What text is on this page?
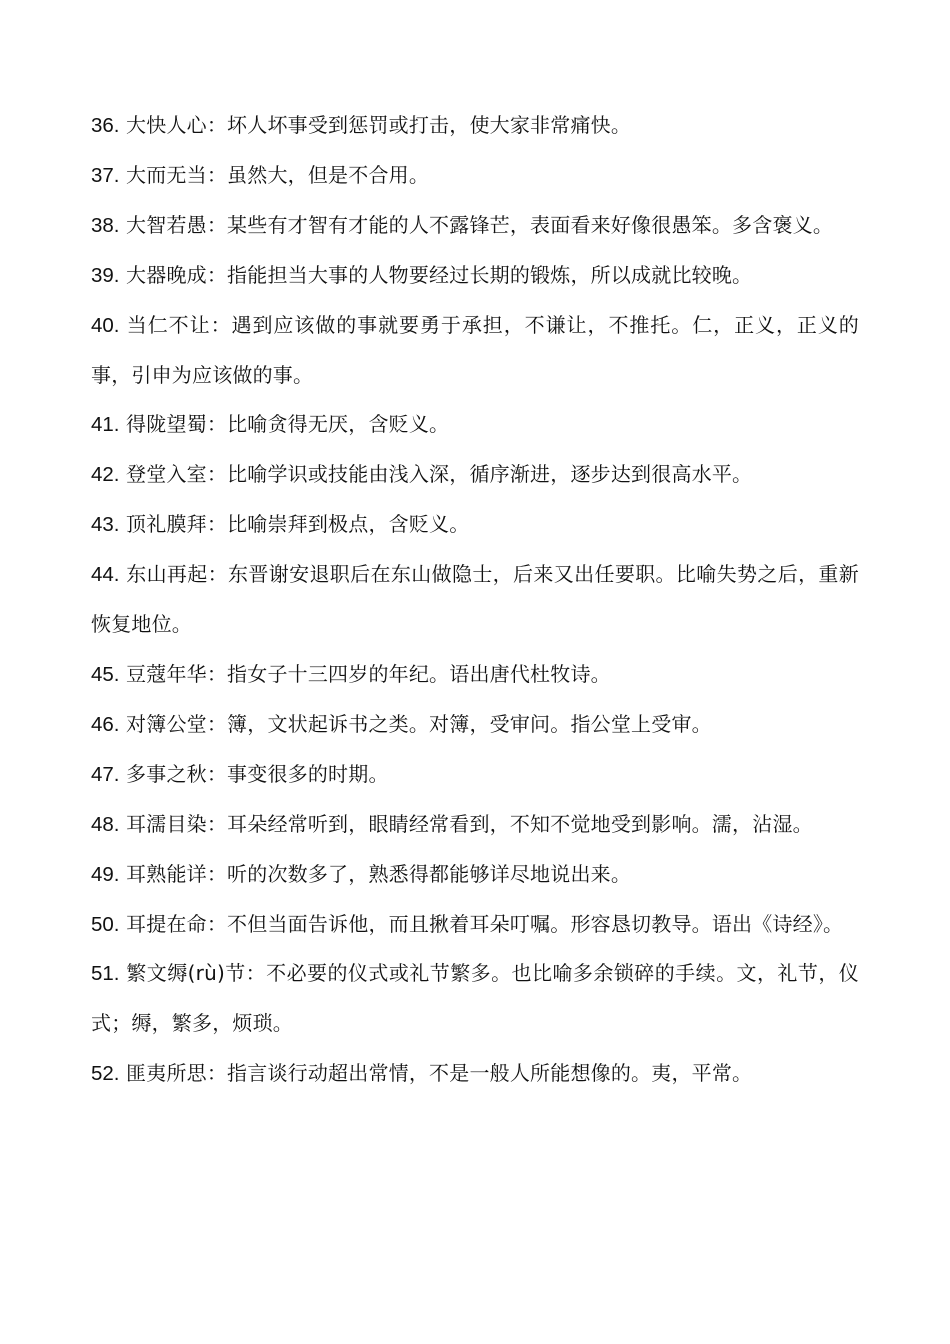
36. 大快人心：坏人坏事受到惩罚或打击，使大家非常痛快。

37. 大而无当：虽然大，但是不合用。

38. 大智若愚：某些有才智有才能的人不露锋芒，表面看来好像很愚笨。多含褒义。

39. 大器晚成：指能担当大事的人物要经过长期的锻炼，所以成就比较晚。

40. 当仁不让：遇到应该做的事就要勇于承担，不谦让，不推托。仁，正义，正义的事，引申为应该做的事。

41. 得陇望蜀：比喻贪得无厌，含贬义。

42. 登堂入室：比喻学识或技能由浅入深，循序渐进，逐步达到很高水平。

43. 顶礼膜拜：比喻崇拜到极点，含贬义。

44. 东山再起：东晋谢安退职后在东山做隐士，后来又出任要职。比喻失势之后，重新恢复地位。

45. 豆蔻年华：指女子十三四岁的年纪。语出唐代杜牧诗。

46. 对簿公堂：簿，文状起诉书之类。对簿，受审问。指公堂上受审。

47. 多事之秋：事变很多的时期。

48. 耳濡目染：耳朵经常听到，眼睛经常看到，不知不觉地受到影响。濡，沾湿。

49. 耳熟能详：听的次数多了，熟悉得都能够详尽地说出来。

50. 耳提在命：不但当面告诉他，而且揪着耳朵叮嘱。形容恳切教导。语出《诗经》。

51. 繁文缛(rù)节：不必要的仪式或礼节繁多。也比喻多余锁碎的手续。文，礼节，仪式；缛，繁多，烦琐。

52. 匪夷所思：指言谈行动超出常情，不是一般人所能想像的。夷，平常。
